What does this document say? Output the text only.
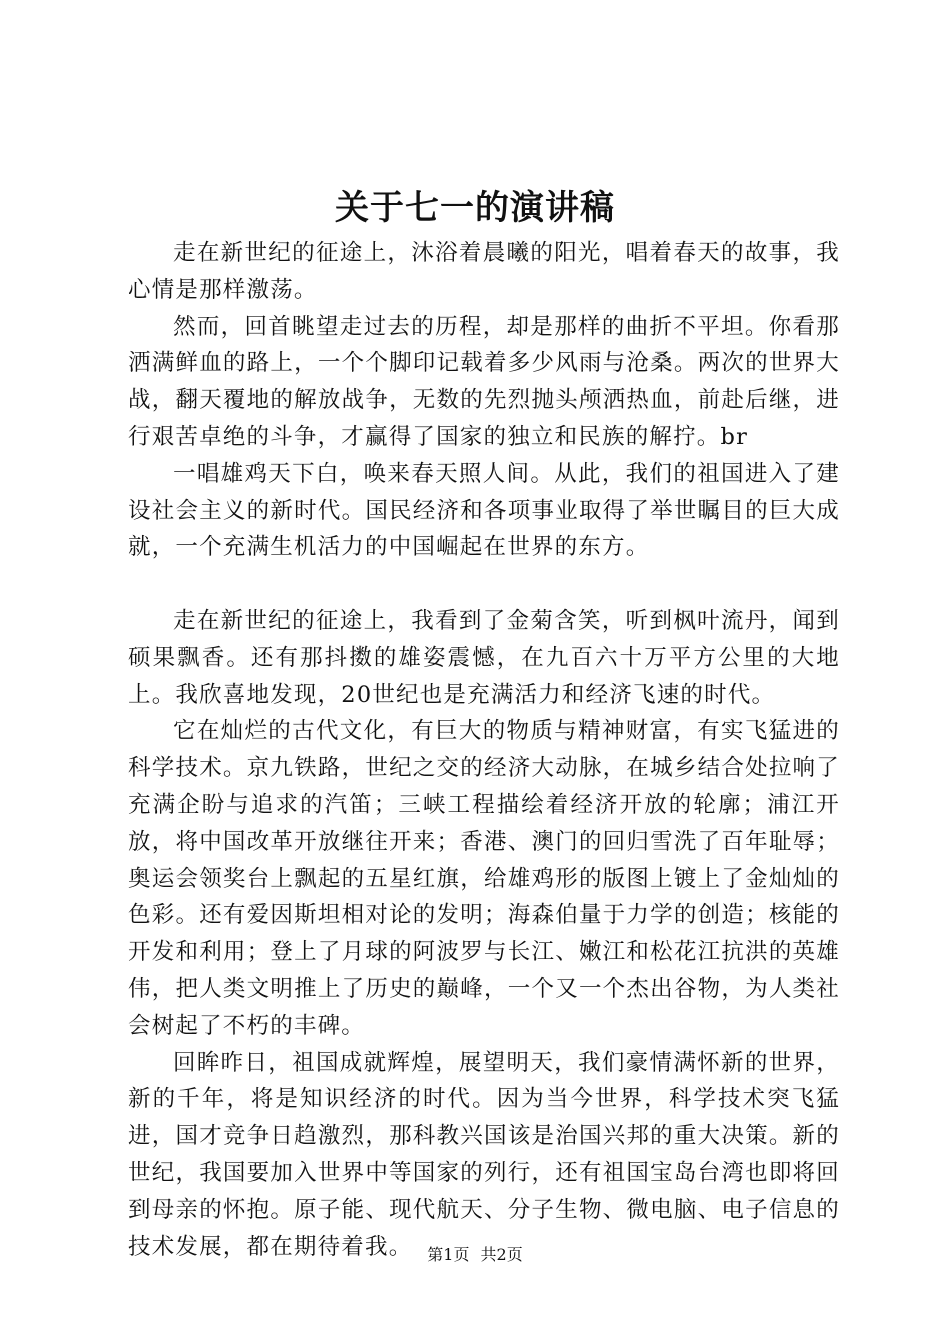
关于七一的演讲稿

走在新世纪的征途上，沐浴着晨曦的阳光，唱着春天的故事，我心情是那样激荡。

然而，回首眺望走过去的历程，却是那样的曲折不平坦。你看那洒满鲜血的路上，一个个脚印记载着多少风雨与沧桑。两次的世界大战，翻天覆地的解放战争，无数的先烈抛头颅洒热血，前赴后继，进行艰苦卓绝的斗争，才赢得了国家的独立和民族的解拧。br

一唱雄鸡天下白，唤来春天照人间。从此，我们的祖国进入了建设社会主义的新时代。国民经济和各项事业取得了举世瞩目的巨大成就，一个充满生机活力的中国崛起在世界的东方。

走在新世纪的征途上，我看到了金菊含笑，听到枫叶流丹，闻到硕果飘香。还有那抖擞的雄姿震憾，在九百六十万平方公里的大地上。我欣喜地发现，20世纪也是充满活力和经济飞速的时代。

它在灿烂的古代文化，有巨大的物质与精神财富，有实飞猛进的科学技术。京九铁路，世纪之交的经济大动脉，在城乡结合处拉响了充满企盼与追求的汽笛；三峡工程描绘着经济开放的轮廓；浦江开放，将中国改革开放继往开来；香港、澳门的回归雪洗了百年耻辱；奥运会领奖台上飘起的五星红旗，给雄鸡形的版图上镀上了金灿灿的色彩。还有爱因斯坦相对论的发明；海森伯量于力学的创造；核能的开发和利用；登上了月球的阿波罗与长江、嫩江和松花江抗洪的英雄伟，把人类文明推上了历史的巅峰，一个又一个杰出谷物，为人类社会树起了不朽的丰碑。

回眸昨日，祖国成就辉煌，展望明天，我们豪情满怀新的世界，新的千年，将是知识经济的时代。因为当今世界，科学技术突飞猛进，国才竞争日趋激烈，那科教兴国该是治国兴邦的重大决策。新的世纪，我国要加入世界中等国家的列行，还有祖国宝岛台湾也即将回到母亲的怀抱。原子能、现代航天、分子生物、微电脑、电子信息的技术发展，都在期待着我。 第1页 共2页
